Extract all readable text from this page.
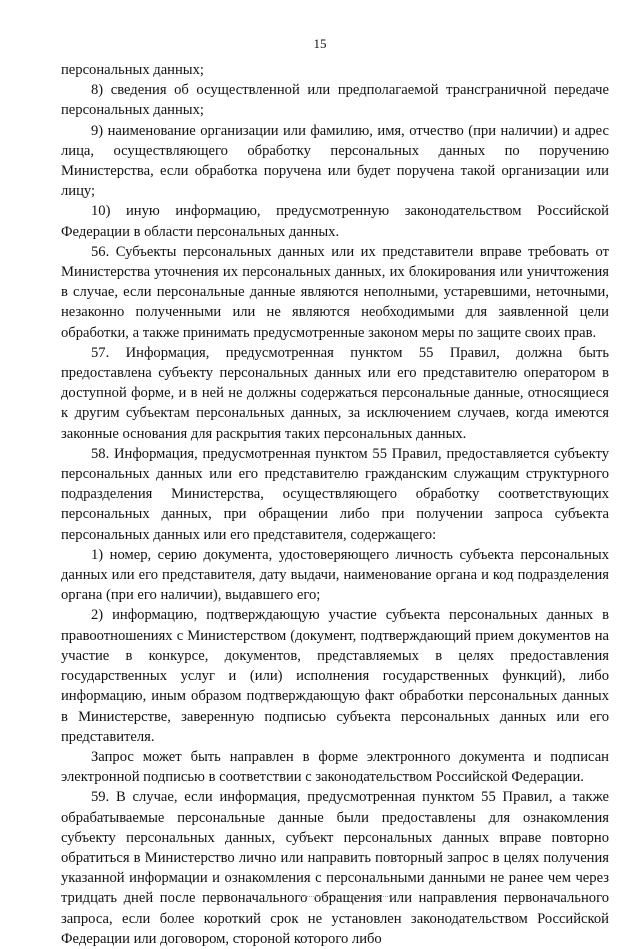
15

персональных данных;

8) сведения об осуществленной или предполагаемой трансграничной передаче персональных данных;

9) наименование организации или фамилию, имя, отчество (при наличии) и адрес лица, осуществляющего обработку персональных данных по поручению Министерства, если обработка поручена или будет поручена такой организации или лицу;

10) иную информацию, предусмотренную законодательством Российской Федерации в области персональных данных.

56. Субъекты персональных данных или их представители вправе требовать от Министерства уточнения их персональных данных, их блокирования или уничтожения в случае, если персональные данные являются неполными, устаревшими, неточными, незаконно полученными или не являются необходимыми для заявленной цели обработки, а также принимать предусмотренные законом меры по защите своих прав.

57. Информация, предусмотренная пунктом 55 Правил, должна быть предоставлена субъекту персональных данных или его представителю оператором в доступной форме, и в ней не должны содержаться персональные данные, относящиеся к другим субъектам персональных данных, за исключением случаев, когда имеются законные основания для раскрытия таких персональных данных.

58. Информация, предусмотренная пунктом 55 Правил, предоставляется субъекту персональных данных или его представителю гражданским служащим структурного подразделения Министерства, осуществляющего обработку соответствующих персональных данных, при обращении либо при получении запроса субъекта персональных данных или его представителя, содержащего:

1) номер, серию документа, удостоверяющего личность субъекта персональных данных или его представителя, дату выдачи, наименование органа и код подразделения органа (при его наличии), выдавшего его;

2) информацию, подтверждающую участие субъекта персональных данных в правоотношениях с Министерством (документ, подтверждающий прием документов на участие в конкурсе, документов, представляемых в целях предоставления государственных услуг и (или) исполнения государственных функций), либо информацию, иным образом подтверждающую факт обработки персональных данных в Министерстве, заверенную подписью субъекта персональных данных или его представителя.

Запрос может быть направлен в форме электронного документа и подписан электронной подписью в соответствии с законодательством Российской Федерации.

59. В случае, если информация, предусмотренная пунктом 55 Правил, а также обрабатываемые персональные данные были предоставлены для ознакомления субъекту персональных данных, субъект персональных данных вправе повторно обратиться в Министерство лично или направить повторный запрос в целях получения указанной информации и ознакомления с персональными данными не ранее чем через тридцать дней после первоначального обращения или направления первоначального запроса, если более короткий срок не установлен законодательством Российской Федерации или договором, стороной которого либо
